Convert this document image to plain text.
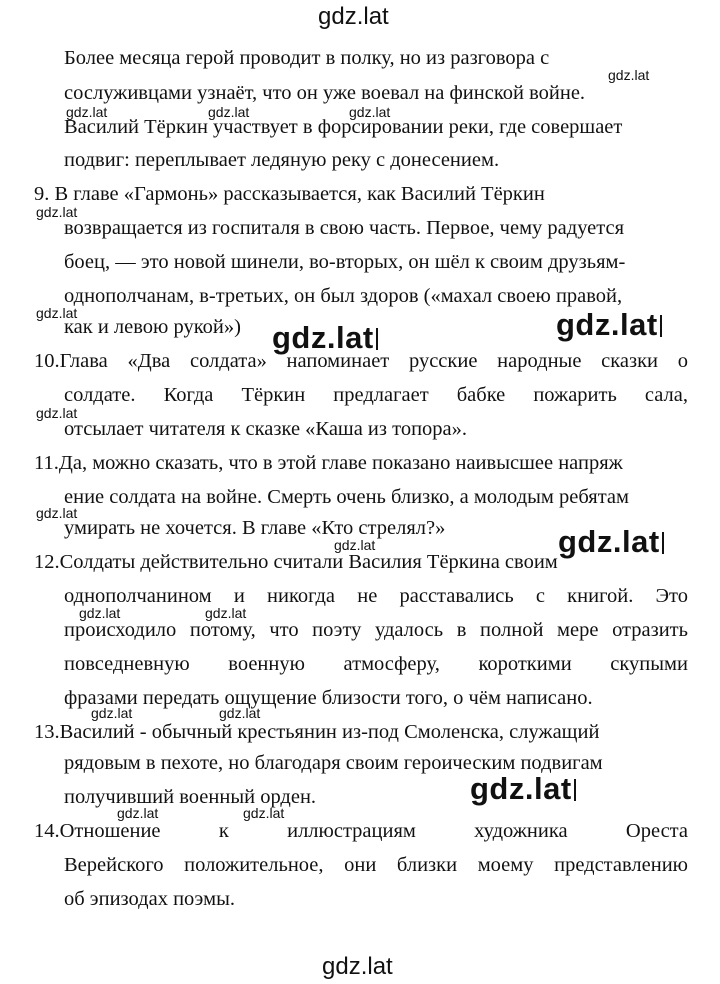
gdz.lat
Более месяца герой проводит в полку, но из разговора с
сослуживцами узнаёт, что он уже воевал на финской войне.
Василий Тёркин участвует в форсировании реки, где совершает
подвиг: переплывает ледяную реку с донесением.
9. В главе «Гармонь» рассказывается, как Василий Тёркин
возвращается из госпиталя в свою часть. Первое, чему радуется
боец, — это новой шинели, во-вторых, он шёл к своим друзьям-
однополчанам, в-третьих, он был здоров («махал своею правой,
как и левою рукой»)
10.Глава «Два солдата» напоминает русские народные сказки о
солдате. Когда Тёркин предлагает бабке пожарить сала,
отсылает читателя к сказке «Каша из топора».
11.Да, можно сказать, что в этой главе показано наивысшее напряж
ение солдата на войне. Смерть очень близко, а молодым ребятам
умирать не хочется. В главе «Кто стрелял?»
12.Солдаты действительно считали Василия Тёркина своим
однополчанином и никогда не расставались с книгой. Это
происходило потому, что поэту удалось в полной мере отразить
повседневную военную атмосферу, короткими скупыми
фразами передать ощущение близости того, о чём написано.
13.Василий - обычный крестьянин из-под Смоленска, служащий
рядовым в пехоте, но благодаря своим героическим подвигам
получивший военный орден.
14.Отношение к иллюстрациям художника Ореста
Верейского положительное, они близки моему представлению
об эпизодах поэмы.
gdz.lat
gdz.lat	gdz.lat	gdz.lat
gdz.lat
gdz.lat
gdz.lat
gdz.lat
gdz.lat
gdz.lat	gdz.lat
gdz.lat	gdz.lat
gdz.lat	gdz.lat
gdz.lat	gdz.lat
gdz.lat
gdz.lat
gdz.lat
